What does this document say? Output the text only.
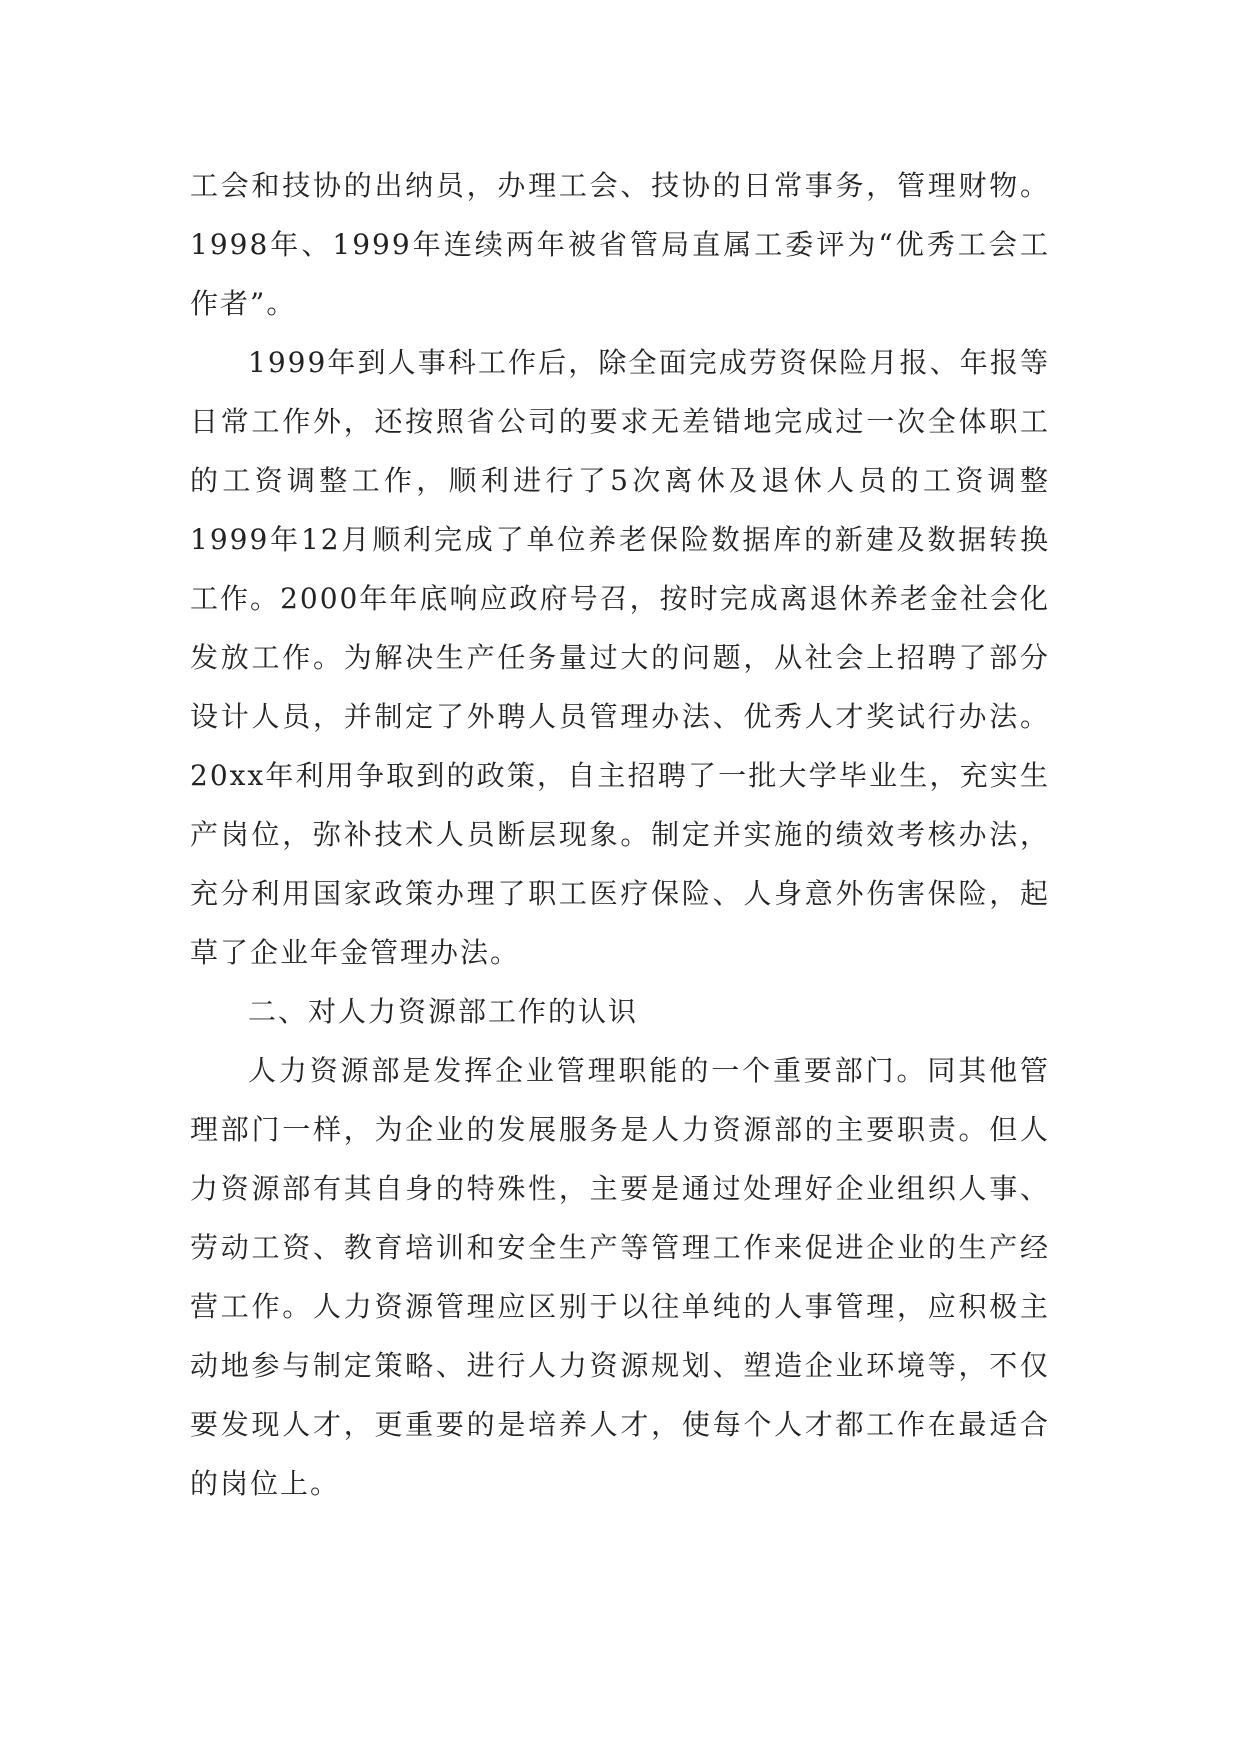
工会和技协的出纳员，办理工会、技协的日常事务，管理财物。1998年、1999年连续两年被省管局直属工委评为“优秀工会工作者”。

1999年到人事科工作后，除全面完成劳资保险月报、年报等日常工作外，还按照省公司的要求无差错地完成过一次全体职工的工资调整工作，顺利进行了5次离休及退休人员的工资调整1999年12月顺利完成了单位养老保险数据库的新建及数据转换工作。2000年年底响应政府号召，按时完成离退休养老金社会化发放工作。为解决生产任务量过大的问题，从社会上招聘了部分设计人员，并制定了外聘人员管理办法、优秀人才奖试行办法。20xx年利用争取到的政策，自主招聘了一批大学毕业生，充实生产岗位，弥补技术人员断层现象。制定并实施的绩效考核办法，充分利用国家政策办理了职工医疗保险、人身意外伤害保险，起草了企业年金管理办法。

二、对人力资源部工作的认识

人力资源部是发挥企业管理职能的一个重要部门。同其他管理部门一样，为企业的发展服务是人力资源部的主要职责。但人力资源部有其自身的特殊性，主要是通过处理好企业组织人事、劳动工资、教育培训和安全生产等管理工作来促进企业的生产经营工作。人力资源管理应区别于以往单纯的人事管理，应积极主动地参与制定策略、进行人力资源规划、塑造企业环境等，不仅要发现人才，更重要的是培养人才，使每个人才都工作在最适合的岗位上。
